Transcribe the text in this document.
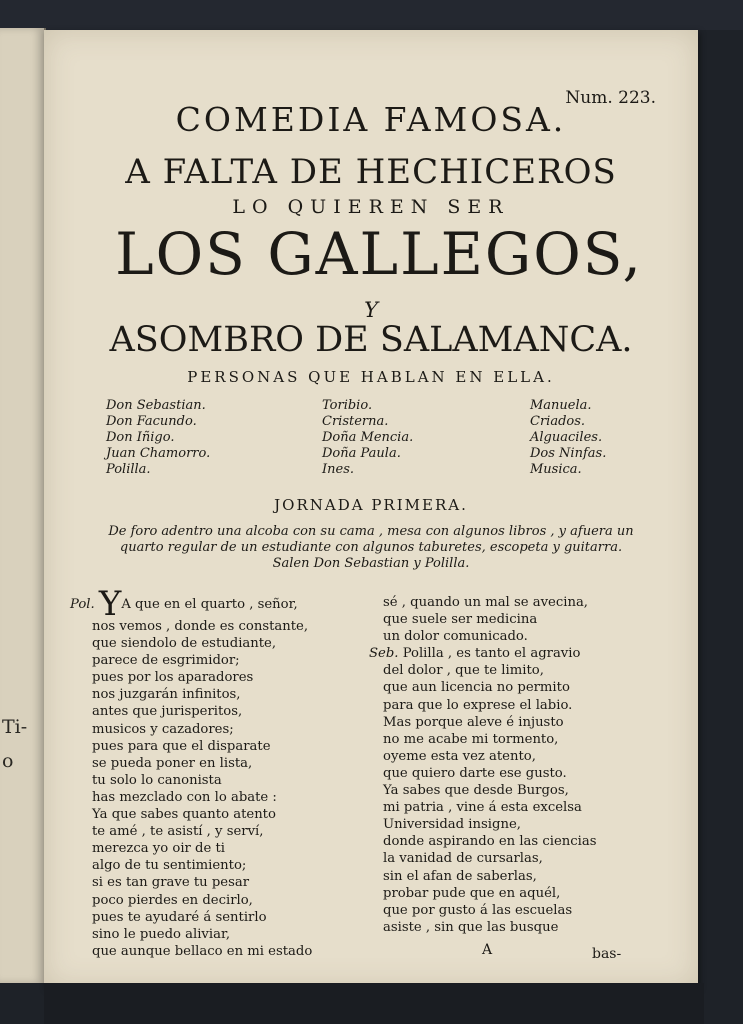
Ti-
o
Num. 223.
COMEDIA FAMOSA.
A FALTA DE HECHICEROS
LO QUIEREN SER
LOS GALLEGOS,
Y
ASOMBRO DE SALAMANCA.
PERSONAS QUE HABLAN EN ELLA.
Don Sebastian.
Don Facundo.
Don Iñigo.
Juan Chamorro.
Polilla.
Toribio.
Cristerna.
Doña Mencia.
Doña Paula.
Ines.
Manuela.
Criados.
Alguaciles.
Dos Ninfas.
Musica.
JORNADA PRIMERA.
De foro adentro una alcoba con su cama , mesa con algunos libros , y afuera un
quarto regular de un estudiante con algunos taburetes, escopeta y guitarra.
Salen Don Sebastian y Polilla.
Pol. YA que en el quarto , señor,
nos vemos , donde es constante,
que siendolo de estudiante,
parece de esgrimidor;
pues por los aparadores
nos juzgarán infinitos,
antes que jurisperitos,
musicos y cazadores;
pues para que el disparate
se pueda poner en lista,
tu solo lo canonista
has mezclado con lo abate :
Ya que sabes quanto atento
te amé , te asistí , y serví,
merezca yo oir de ti
algo de tu sentimiento;
si es tan grave tu pesar
poco pierdes en decirlo,
pues te ayudaré á sentirlo
sino le puedo aliviar,
que aunque bellaco en mi estado
sé , quando un mal se avecina,
que suele ser medicina
un dolor comunicado.
Seb. Polilla , es tanto el agravio
del dolor , que te limito,
que aun licencia no permito
para que lo exprese el labio.
Mas porque aleve é injusto
no me acabe mi tormento,
oyeme esta vez atento,
que quiero darte ese gusto.
Ya sabes que desde Burgos,
mi patria , vine á esta excelsa
Universidad insigne,
donde aspirando en las ciencias
la vanidad de cursarlas,
sin el afan de saberlas,
probar pude que en aquél,
que por gusto á las escuelas
asiste , sin que las busque
A	bas-
